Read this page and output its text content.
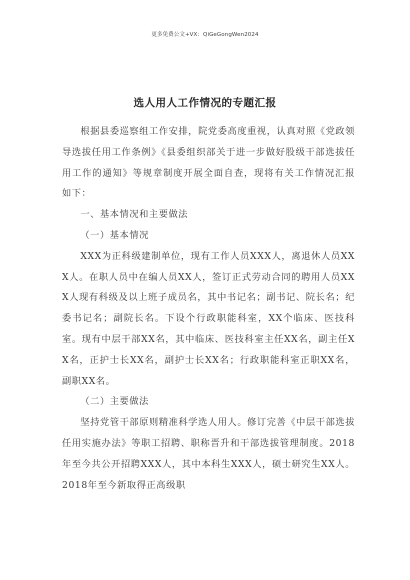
更多免费公文+VX：QiGeGongWen2024
选人用人工作情况的专题汇报

根据县委巡察组工作安排，院党委高度重视，认真对照《党政领导选拔任用工作条例》《县委组织部关于进一步做好股级干部选拔任用工作的通知》等规章制度开展全面自查，现将有关工作情况汇报如下：

一、基本情况和主要做法

（一）基本情况

XXX为正科级建制单位，现有工作人员XXX人，离退休人员XXX人。在职人员中在编人员XX人，签订正式劳动合同的聘用人员XXX人现有科级及以上班子成员名，其中书记名；副书记、院长名；纪委书记名；副院长名。下设个行政职能科室，XX个临床、医技科室。现有中层干部XX名，其中临床、医技科室主任XX名，副主任XX名，正护士长XX名，副护士长XX名；行政职能科室正职XX名，副职XX名。

（二）主要做法

坚持党管干部原则精准科学选人用人。修订完善《中层干部选拔任用实施办法》等职工招聘、职称晋升和干部选拔管理制度。2018年至今共公开招聘XXX人，其中本科生XXX人，硕士研究生XX人。2018年至今新取得正高级职
